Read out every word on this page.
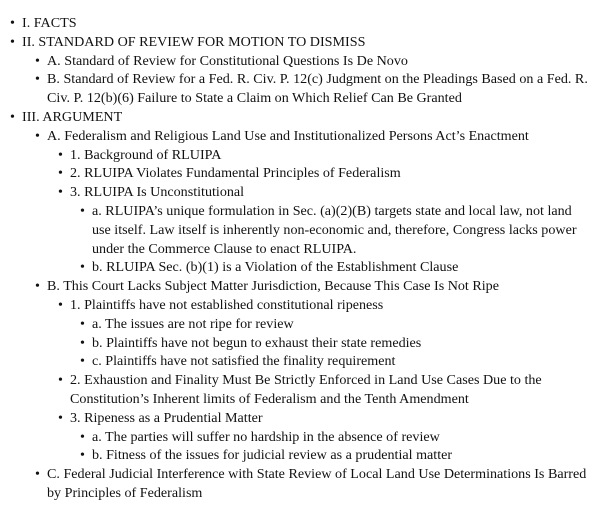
• I. FACTS
• II. STANDARD OF REVIEW FOR MOTION TO DISMISS
• A. Standard of Review for Constitutional Questions Is De Novo
• B. Standard of Review for a Fed. R. Civ. P. 12(c) Judgment on the Pleadings Based on a Fed. R. Civ. P. 12(b)(6) Failure to State a Claim on Which Relief Can Be Granted
• III. ARGUMENT
• A. Federalism and Religious Land Use and Institutionalized Persons Act’s Enactment
• 1. Background of RLUIPA
• 2. RLUIPA Violates Fundamental Principles of Federalism
• 3. RLUIPA Is Unconstitutional
• a. RLUIPA’s unique formulation in Sec. (a)(2)(B) targets state and local law, not land use itself. Law itself is inherently non-economic and, therefore, Congress lacks power under the Commerce Clause to enact RLUIPA.
• b. RLUIPA Sec. (b)(1) is a Violation of the Establishment Clause
• B. This Court Lacks Subject Matter Jurisdiction, Because This Case Is Not Ripe
• 1. Plaintiffs have not established constitutional ripeness
• a. The issues are not ripe for review
• b. Plaintiffs have not begun to exhaust their state remedies
• c. Plaintiffs have not satisfied the finality requirement
• 2. Exhaustion and Finality Must Be Strictly Enforced in Land Use Cases Due to the Constitution’s Inherent limits of Federalism and the Tenth Amendment
• 3. Ripeness as a Prudential Matter
• a. The parties will suffer no hardship in the absence of review
• b. Fitness of the issues for judicial review as a prudential matter
• C. Federal Judicial Interference with State Review of Local Land Use Determinations Is Barred by Principles of Federalism
